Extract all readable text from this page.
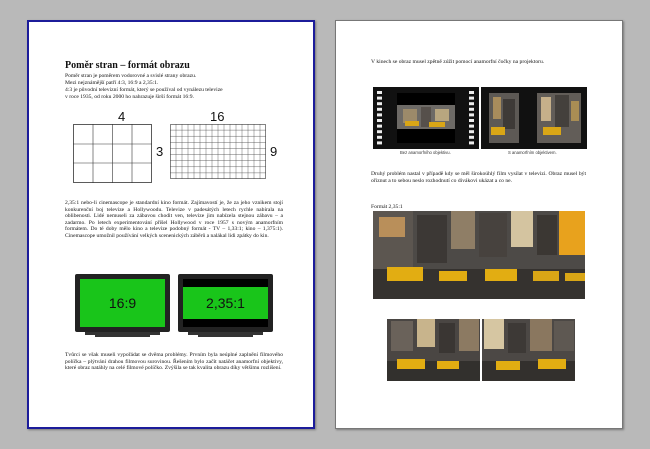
Poměr stran – formát obrazu

Poměr stran je poměrem vodorovné a svislé strany obrazu.

Mezi nejznámější patří 4:3, 16:9 a 2,35:1.

4:3 je původní televizní formát, který se používal od vynálezu televize

v roce 1935, od roku 2000 ho nahrazuje širší formát 16:9.

4

3

16

9

2,35:1 nebo-li cinemascope je standardní kino formát. Zajímavostí je, že za jeho vznikem stojí konkurenční boj televize a Hollywoodu. Televize v padesátých letech rychle nabírala na oblibenosti. Lidé nemuseli za zábavou chodit ven, televize jim nabízela stejnou zábavu – a zadarmo. Po letech experimentování přišel Hollywood v roce 1957 s novým anamorfním formátem. Do té doby mělo kino a televize podobný formát - TV – 1,33:1; kino – 1,375:1). Cinemascope umožnil používání velkých scenenických záběrů a nalákal lidi zpátky do kin.

16:9	2,35:1

Tvůrci se však museli vypořádat se dvěma problémy. Prvním byla neúplné zaplnění filmového políčka – plýtvání drahou filmovou surovinou. Řešením bylo začít natáčet anamorfní objektivy, které obraz natáhly na celé filmové políčko. Zvýšila se tak kvalita obrazu díky většímu rozlišení.

V kinech se obraz musel zpětně zúžit pomocí anamorfní čočky na projektoru.

Bez anamorfního objektivu.	S anamorfním objektivem.

Druhý problém nastal v případě kdy se měl širokoúhlý film vysílat v televizi. Obraz musel být ořiznut a to sebou neslo rozhodnutí co divákovi ukázat a co ne.

Formát 2,35:1
